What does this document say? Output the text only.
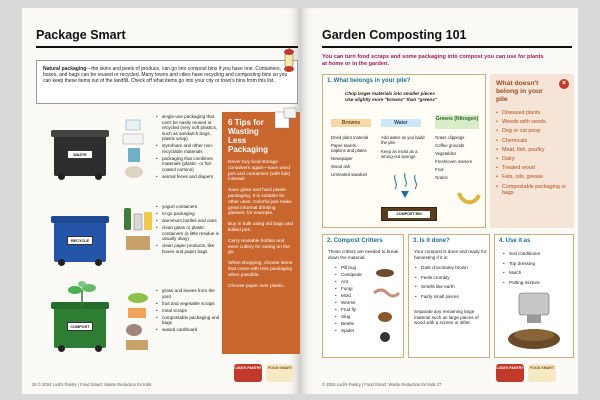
Package Smart
Natural packaging—the skins and peels of produce, can go into compost bins if you have one. Containers, boxes, and bags can be reused or recycled. Many towns and cities have recycling and composting bins so you can keep these items out of the landfill. Check off what items go into your city or town's bins from this list.
WASTE
• single-use packaging that can't be easily reused or recycled (very soft plastics, such as sandwich bags, plastic wrap)
• styrofoam and other non-recyclable materials
• packaging that combines materials (plastic- or foil-coated cartons)
• animal feces and diapers
RECYCLE
• yogurt containers
• to-go packaging
• aluminum bottles and cans
• clean glass or plastic containers (a little residue is usually okay)
• clean paper products, like boxes and paper bags
COMPOST
• grass and leaves from the yard
• fruit and vegetable scraps
• meal scraps
• compostable packaging and bags
• waxed cardboard
6 Tips for Wasting Less Packaging

Never buy food storage containers again—save used jars and containers (with lids) instead!

Save glass and hard plastic packaging. It is suitable for other uses. Colorful jars make great informal drinking glasses, for example.

Buy in bulk using old bags and lidded jars.

Carry reusable bottles and even cutlery for eating on the go.

When shopping, choose items that come with less packaging when possible.

Choose paper over plastic.

26 © 2024 Lodi's Pantry | Food Smart: Waste Reduction for Kids
LODI'S PANTRY	FOOD SMART
Garden Composting 101
You can turn food scraps and some packaging into compost you can use for plants at home or in the garden.
1. What belongs in your pile?
Chop larger materials into smaller pieces
Use slightly more "browns" than "greens"
Browns	Water
Greens (Nitrogen)
Dried plant material
Paper towels, napkins and plates
Newspaper
Wood ash
Untreated sawdust
Add water as you build the pile.
Keep as moist as a wrung-out sponge.
Grass clippings
Coffee grounds
Vegetables
Fresh/oven manure
Fruit
Grains
COMPOST BIN
What doesn't belong in your pile
×
• Diseased plants
• Weeds with seeds
• Dog or cat poop
• Chemicals
• Meat, fish, poultry
• Dairy
• Treated wood
• Fats, oils, grease
• Compostable packaging or bags
2. Compost Critters
These critters are needed to break down the material:
• Pill bug
• Centipede
• Ant
• Fungi
• Mold
• Worms
• Fruit fly
• Slug
• Beetle
• Spider
3. Is it done?
Your compost is done and ready for harvesting if it is:
• Dark chocolatey brown
• Feels crumbly
• Smells like earth
• Fairly small pieces
Separate any remaining large material such as large pieces of wood with a screen or sifter.
4. Use it as
• Soil conditioner
• Top dressing
• Mulch
• Potting mixture
© 2024 Lodi's Pantry | Food Smart: Waste Reduction for Kids 27
LODI'S PANTRY	FOOD SMART
